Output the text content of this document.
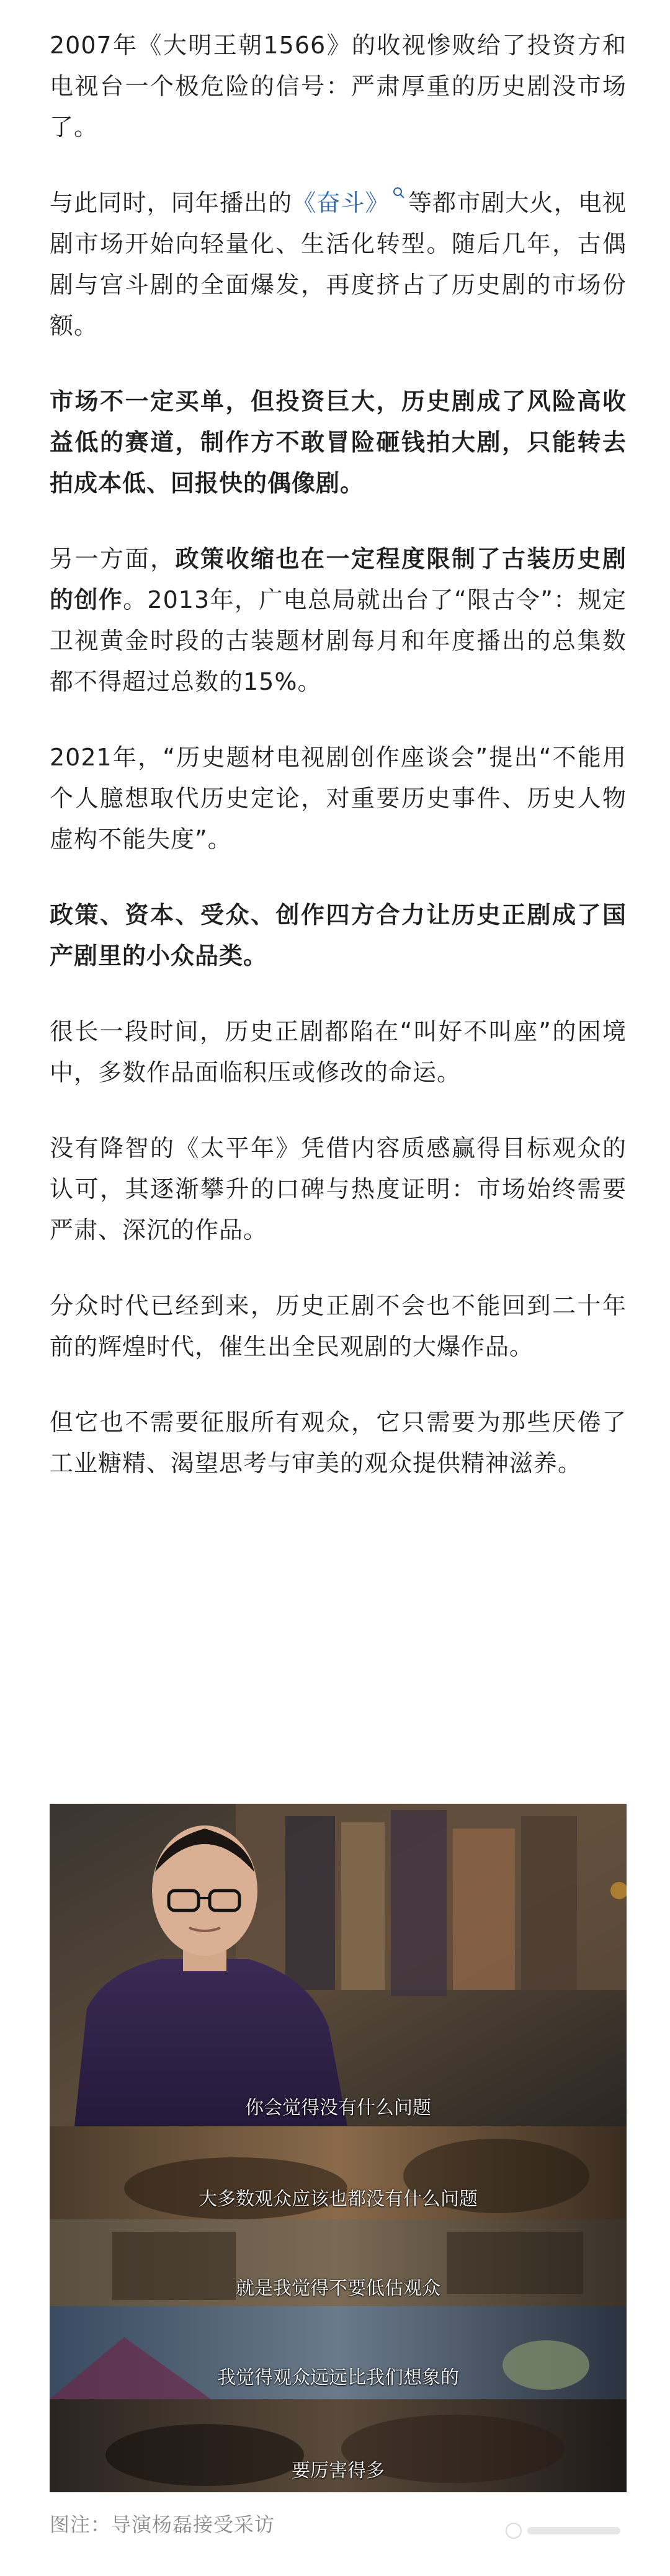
2007年《大明王朝1566》的收视惨败给了投资方和电视台一个极危险的信号：严肃厚重的历史剧没市场了。

与此同时，同年播出的《奋斗》 等都市剧大火，电视剧市场开始向轻量化、生活化转型。随后几年，古偶剧与宫斗剧的全面爆发，再度挤占了历史剧的市场份额。

市场不一定买单，但投资巨大，历史剧成了风险高收益低的赛道，制作方不敢冒险砸钱拍大剧，只能转去拍成本低、回报快的偶像剧。

另一方面，政策收缩也在一定程度限制了古装历史剧的创作。2013年，广电总局就出台了“限古令”：规定卫视黄金时段的古装题材剧每月和年度播出的总集数都不得超过总数的15%。

2021年，“历史题材电视剧创作座谈会”提出“不能用个人臆想取代历史定论，对重要历史事件、历史人物虚构不能失度”。

政策、资本、受众、创作四方合力让历史正剧成了国产剧里的小众品类。

很长一段时间，历史正剧都陷在“叫好不叫座”的困境中，多数作品面临积压或修改的命运。

没有降智的《太平年》凭借内容质感赢得目标观众的认可，其逐渐攀升的口碑与热度证明：市场始终需要严肃、深沉的作品。

分众时代已经到来，历史正剧不会也不能回到二十年前的辉煌时代，催生出全民观剧的大爆作品。

但它也不需要征服所有观众，它只需要为那些厌倦了工业糖精、渴望思考与审美的观众提供精神滋养。

你会觉得没有什么问题
大多数观众应该也都没有什么问题
就是我觉得不要低估观众
我觉得观众远远比我们想象的
要厉害得多
图注：导演杨磊接受采访
